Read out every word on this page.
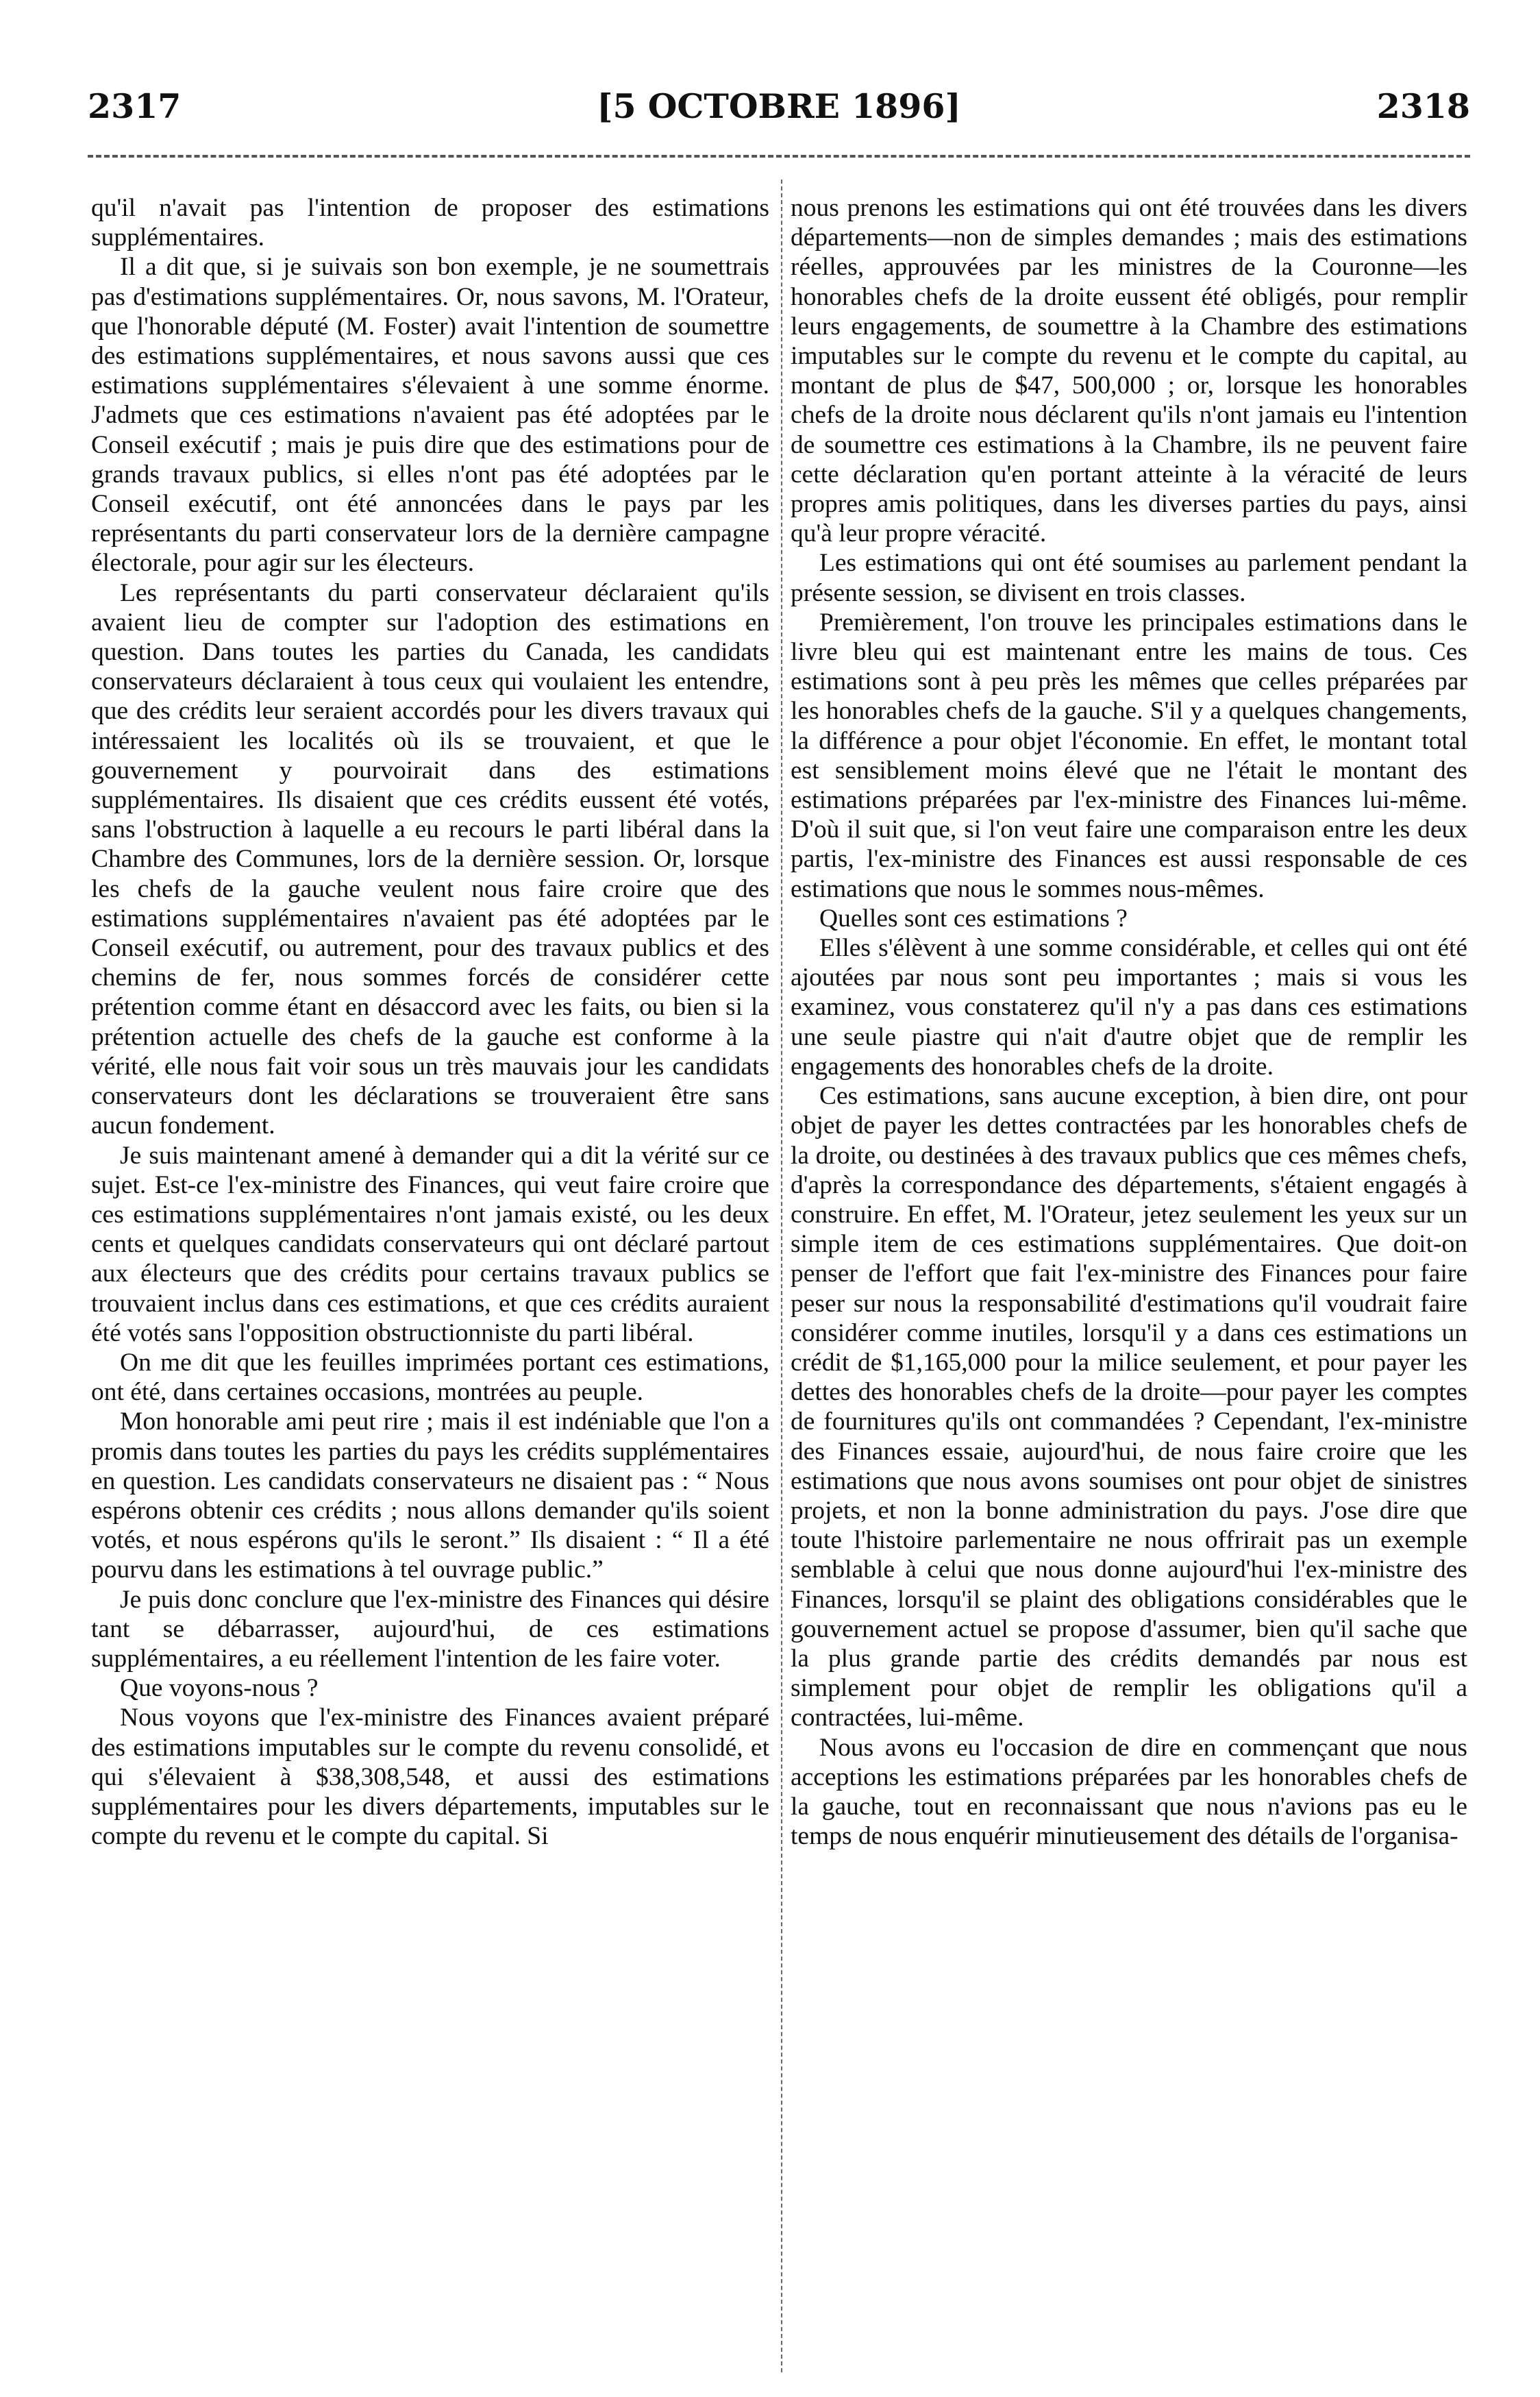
2317	[5 OCTOBRE 1896]	2318

qu'il n'avait pas l'intention de proposer des estimations supplémentaires.

Il a dit que, si je suivais son bon exemple, je ne soumettrais pas d'estimations supplémentaires. Or, nous savons, M. l'Orateur, que l'honorable député (M. Foster) avait l'intention de soumettre des estimations supplémentaires, et nous savons aussi que ces estimations supplémentaires s'élevaient à une somme énorme. J'admets que ces estimations n'avaient pas été adoptées par le Conseil exécutif ; mais je puis dire que des estimations pour de grands travaux publics, si elles n'ont pas été adoptées par le Conseil exécutif, ont été annoncées dans le pays par les représentants du parti conservateur lors de la dernière campagne électorale, pour agir sur les électeurs.

Les représentants du parti conservateur déclaraient qu'ils avaient lieu de compter sur l'adoption des estimations en question. Dans toutes les parties du Canada, les candidats conservateurs déclaraient à tous ceux qui voulaient les entendre, que des crédits leur seraient accordés pour les divers travaux qui intéressaient les localités où ils se trouvaient, et que le gouvernement y pourvoirait dans des estimations supplémentaires. Ils disaient que ces crédits eussent été votés, sans l'obstruction à laquelle a eu recours le parti libéral dans la Chambre des Communes, lors de la dernière session. Or, lorsque les chefs de la gauche veulent nous faire croire que des estimations supplémentaires n'avaient pas été adoptées par le Conseil exécutif, ou autrement, pour des travaux publics et des chemins de fer, nous sommes forcés de considérer cette prétention comme étant en désaccord avec les faits, ou bien si la prétention actuelle des chefs de la gauche est conforme à la vérité, elle nous fait voir sous un très mauvais jour les candidats conservateurs dont les déclarations se trouveraient être sans aucun fondement.

Je suis maintenant amené à demander qui a dit la vérité sur ce sujet. Est-ce l'ex-ministre des Finances, qui veut faire croire que ces estimations supplémentaires n'ont jamais existé, ou les deux cents et quelques candidats conservateurs qui ont déclaré partout aux électeurs que des crédits pour certains travaux publics se trouvaient inclus dans ces estimations, et que ces crédits auraient été votés sans l'opposition obstructionniste du parti libéral.

On me dit que les feuilles imprimées portant ces estimations, ont été, dans certaines occasions, montrées au peuple.

Mon honorable ami peut rire ; mais il est indéniable que l'on a promis dans toutes les parties du pays les crédits supplémentaires en question. Les candidats conservateurs ne disaient pas : “ Nous espérons obtenir ces crédits ; nous allons demander qu'ils soient votés, et nous espérons qu'ils le seront.” Ils disaient : “ Il a été pourvu dans les estimations à tel ouvrage public.”

Je puis donc conclure que l'ex-ministre des Finances qui désire tant se débarrasser, aujourd'hui, de ces estimations supplémentaires, a eu réellement l'intention de les faire voter.

Que voyons-nous ?

Nous voyons que l'ex-ministre des Finances avaient préparé des estimations imputables sur le compte du revenu consolidé, et qui s'élevaient à $38,308,548, et aussi des estimations supplémentaires pour les divers départements, imputables sur le compte du revenu et le compte du capital. Si

nous prenons les estimations qui ont été trouvées dans les divers départements—non de simples demandes ; mais des estimations réelles, approuvées par les ministres de la Couronne—les honorables chefs de la droite eussent été obligés, pour remplir leurs engagements, de soumettre à la Chambre des estimations imputables sur le compte du revenu et le compte du capital, au montant de plus de $47, 500,000 ; or, lorsque les honorables chefs de la droite nous déclarent qu'ils n'ont jamais eu l'intention de soumettre ces estimations à la Chambre, ils ne peuvent faire cette déclaration qu'en portant atteinte à la véracité de leurs propres amis politiques, dans les diverses parties du pays, ainsi qu'à leur propre véracité.

Les estimations qui ont été soumises au parlement pendant la présente session, se divisent en trois classes.

Premièrement, l'on trouve les principales estimations dans le livre bleu qui est maintenant entre les mains de tous. Ces estimations sont à peu près les mêmes que celles préparées par les honorables chefs de la gauche. S'il y a quelques changements, la différence a pour objet l'économie. En effet, le montant total est sensiblement moins élevé que ne l'était le montant des estimations préparées par l'ex-ministre des Finances lui-même. D'où il suit que, si l'on veut faire une comparaison entre les deux partis, l'ex-ministre des Finances est aussi responsable de ces estimations que nous le sommes nous-mêmes.

Quelles sont ces estimations ?

Elles s'élèvent à une somme considérable, et celles qui ont été ajoutées par nous sont peu importantes ; mais si vous les examinez, vous constaterez qu'il n'y a pas dans ces estimations une seule piastre qui n'ait d'autre objet que de remplir les engagements des honorables chefs de la droite.

Ces estimations, sans aucune exception, à bien dire, ont pour objet de payer les dettes contractées par les honorables chefs de la droite, ou destinées à des travaux publics que ces mêmes chefs, d'après la correspondance des départements, s'étaient engagés à construire. En effet, M. l'Orateur, jetez seulement les yeux sur un simple item de ces estimations supplémentaires. Que doit-on penser de l'effort que fait l'ex-ministre des Finances pour faire peser sur nous la responsabilité d'estimations qu'il voudrait faire considérer comme inutiles, lorsqu'il y a dans ces estimations un crédit de $1,165,000 pour la milice seulement, et pour payer les dettes des honorables chefs de la droite—pour payer les comptes de fournitures qu'ils ont commandées ? Cependant, l'ex-ministre des Finances essaie, aujourd'hui, de nous faire croire que les estimations que nous avons soumises ont pour objet de sinistres projets, et non la bonne administration du pays. J'ose dire que toute l'histoire parlementaire ne nous offrirait pas un exemple semblable à celui que nous donne aujourd'hui l'ex-ministre des Finances, lorsqu'il se plaint des obligations considérables que le gouvernement actuel se propose d'assumer, bien qu'il sache que la plus grande partie des crédits demandés par nous est simplement pour objet de remplir les obligations qu'il a contractées, lui-même.

Nous avons eu l'occasion de dire en commençant que nous acceptions les estimations préparées par les honorables chefs de la gauche, tout en reconnaissant que nous n'avions pas eu le temps de nous enquérir minutieusement des détails de l'organisa-
